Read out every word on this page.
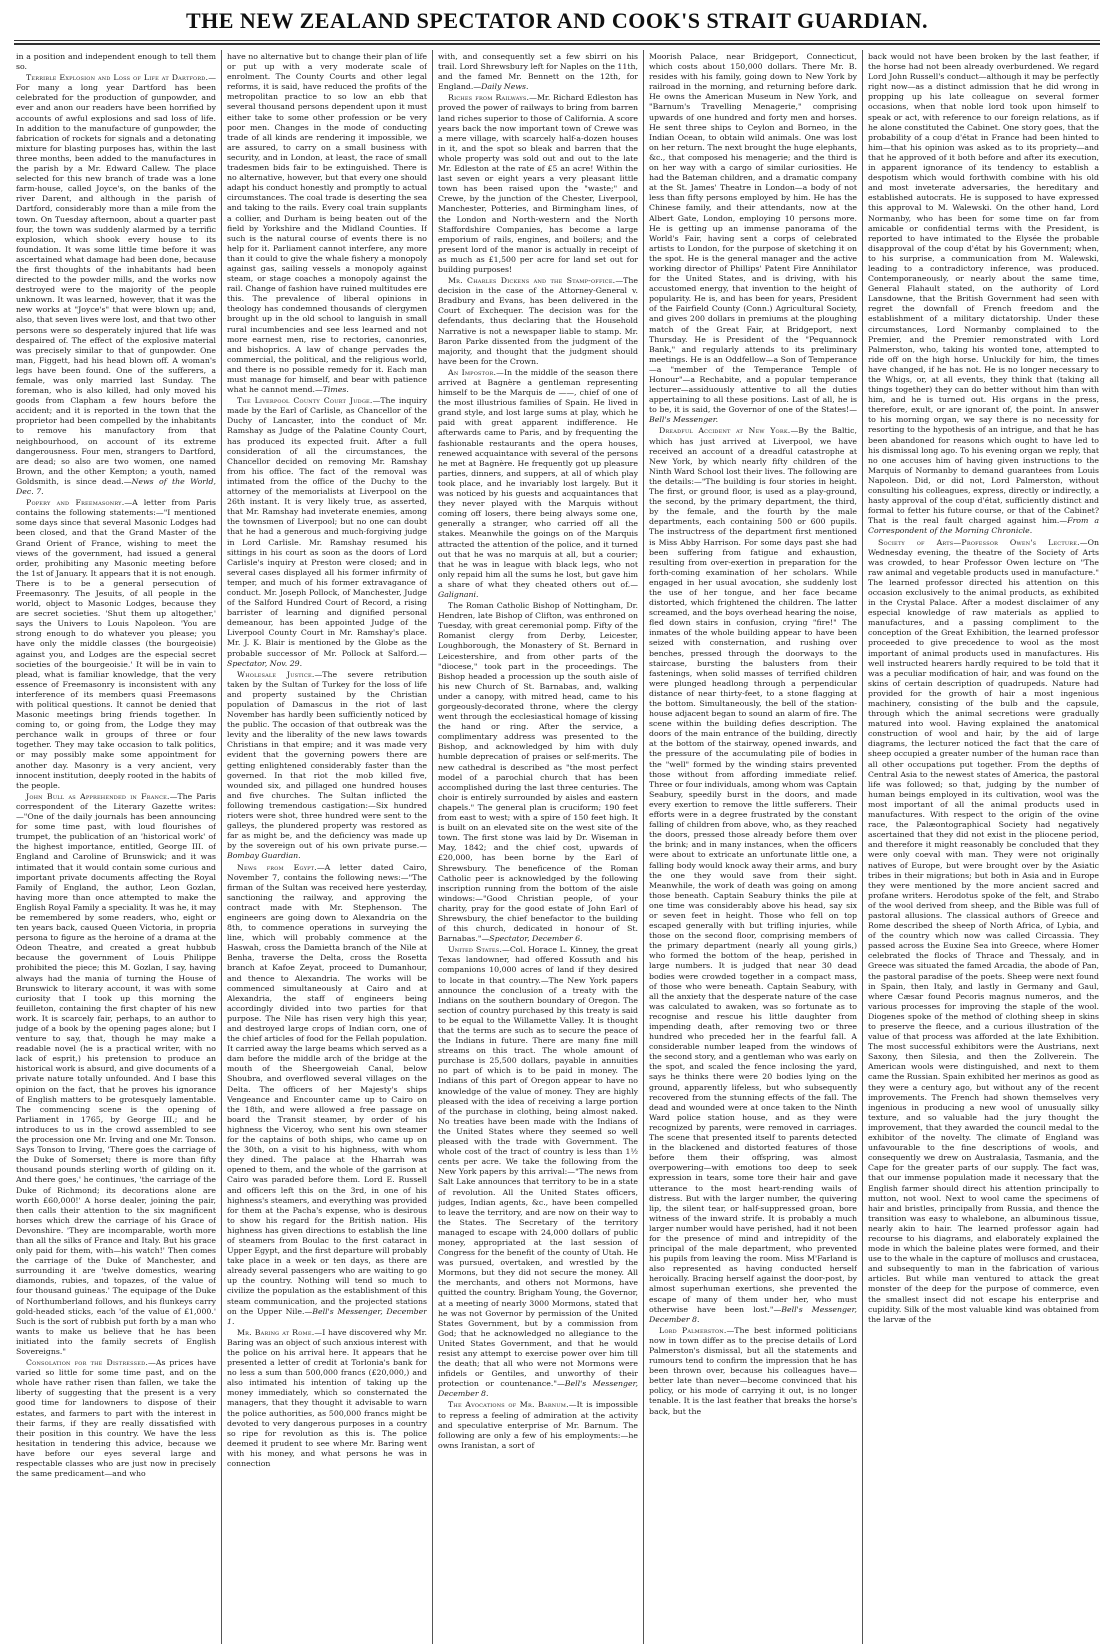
THE NEW ZEALAND SPECTATOR AND COOK'S STRAIT GUARDIAN.

in a position and independent enough to tell them so.

Terrible Explosion and Loss of Life at Dartford.—For many a long year Dartford has been celebrated for the production of gunpowder, and ever and anon our readers have been horrified by accounts of awful explosions and sad loss of life. In addition to the manufacture of gunpowder, the fabrication of rockets for signals and a detonating mixture for blasting purposes has, within the last three months, been added to the manufactures in the parish by a Mr. Edward Callew. The place selected for this new branch of trade was a lone farm-house, called Joyce's, on the banks of the river Darent, and although in the parish of Dartford, considerably more than a mile from the town. On Tuesday afternoon, about a quarter past four, the town was suddenly alarmed by a terrific explosion, which shook every house to its foundation. It was some little time before it was ascertained what damage had been done, because the first thoughts of the inhabitants had been directed to the powder mills, and the works now destroyed were to the majority of the people unknown. It was learned, however, that it was the new works at "Joyce's" that were blown up; and, also, that seven lives were lost, and that two other persons were so desperately injured that life was despaired of. The effect of the explosive material was precisely similar to that of gunpowder. One man, Figgett, had his head blown off. A woman's legs have been found. One of the sufferers, a female, was only married last Sunday. The foreman, who is also killed, had only moved his goods from Clapham a few hours before the accident; and it is reported in the town that the proprietor had been compelled by the inhabitants to remove his manufactory from that neighbourhood, on account of its extreme dangerousness. Four men, strangers to Dartford, are dead; so also are two women, one named Brown, and the other Kempton; a youth, named Goldsmith, is since dead.—News of the World, Dec. 7.

Popery and Freemasonry.—A letter from Paris contains the following statements:—"I mentioned some days since that several Masonic Lodges had been closed, and that the Grand Master of the Grand Orient of France, wishing to meet the views of the government, had issued a general order, prohibiting any Masonic meeting before the 1st of January. It appears that it is not enough. There is to be a general persecution of Freemasonry. The Jesuits, of all people in the world, object to Masonic Lodges, because they are secret societies. 'Shut them up altogether,' says the Univers to Louis Napoleon. 'You are strong enough to do whatever you please; you have only the middle classes (the bourgeoisie) against you, and Lodges are the especial secret societies of the bourgeoisie.' It will be in vain to plead, what is familiar knowledge, that the very essence of Freemasonry is inconsistent with any interference of its members quasi Freemasons with political questions. It cannot be denied that Masonic meetings bring friends together. In coming to, or going from, the Lodge they may perchance walk in groups of three or four together. They may take occasion to talk politics, or may possibly make some appointment for another day. Masonry is a very ancient, very innocent institution, deeply rooted in the habits of the people.

John Bull as Apprehended in France.—The Paris correspondent of the Literary Gazette writes:—"One of the daily journals has been announcing for some time past, with loud flourishes of trumpet, the publication of an 'historical work' of the highest importance, entitled, George III. of England and Caroline of Brunswick; and it was intimated that it would contain some curious and important private documents affecting the Royal Family of England, the author, Leon Gozlan, having more than once attempted to make the English Royal Family a speciality. It was he, it may be remembered by some readers, who, eight or ten years back, caused Queen Victoria, in propria persona to figure as the heroine of a drama at the Odeon Theatre, and created a great hubbub because the government of Louis Philippe prohibited the piece; this M. Gozlan, I say, having always had the mania of turning the House of Brunswick to literary account, it was with some curiosity that I took up this morning the feuilleton, containing the first chapter of his new work. It is scarcely fair, perhaps, to an author to judge of a book by the opening pages alone; but I venture to say, that, though he may make a readable novel (he is a practical writer, with no lack of esprit,) his pretension to produce an historical work is absurd, and give documents of a private nature totally unfounded. And I base this opinion on the fact, that he proves his ignorance of English matters to be grotesquely lamentable. The commencing scene is the opening of Parliament in 1765, by George III.; and he introduces to us in the crowd assembled to see the procession one Mr. Irving and one Mr. Tonson. Says Tonson to Irving, 'There goes the carriage of the Duke of Somerset; there is more than fifty thousand pounds sterling worth of gilding on it. And there goes,' he continues, 'the carriage of the Duke of Richmond; its decorations alone are worth £60,000!' A horse dealer, joining the pair, then calls their attention to the six magnificent horses which drew the carriage of his Grace of Devonshire. 'They are incomparable, worth more than all the silks of France and Italy. But his grace only paid for them, with—his watch!' Then comes the carriage of the Duke of Manchester, and surrounding it are 'twelve domestics, wearing diamonds, rubies, and topazes, of the value of four thousand guineas.' The equipage of the Duke of Northumberland follows, and his flunkeys carry gold-headed sticks, each 'of the value of £1,000.' Such is the sort of rubbish put forth by a man who wants to make us believe that he has been initiated into the family secrets of English Sovereigns."

Consolation for the Distressed.—As prices have varied so little for some time past, and on the whole have rather risen than fallen, we take the liberty of suggesting that the present is a very good time for landowners to dispose of their estates, and farmers to part with the interest in their farms, if they are really dissatisfied with their position in this country. We have the less hesitation in tendering this advice, because we have before our eyes several large and respectable classes who are just now in precisely the same predicament—and who

have no alternative but to change their plan of life or put up with a very moderate scale of enrolment. The County Courts and other legal reforms, it is said, have reduced the profits of the metropolitan practice to so low an ebb that several thousand persons dependent upon it must either take to some other profession or be very poor men. Changes in the mode of conducting trade of all kinds are rendering it impossible, we are assured, to carry on a small business with security, and in London, at least, the race of small tradesmen bids fair to be extinguished. There is no alternative, however, but that every one should adapt his conduct honestly and promptly to actual circumstances. The coal trade is deserting the sea and taking to the rails. Every coal train supplants a collier, and Durham is being beaten out of the field by Yorkshire and the Midland Counties. If such is the natural course of events there is no help for it. Parliament cannot interfere, any more than it could to give the whale fishery a monopoly against gas, sailing vessels a monopoly against steam, or stage coaches a monopoly against the rail. Change of fashion have ruined multitudes ere this. The prevalence of liberal opinions in theology has condemned thousands of clergymen brought up in the old school to languish in small rural incumbencies and see less learned and not more earnest men, rise to rectories, canonries, and bishoprics. A law of change pervades the commercial, the political, and the religious world, and there is no possible remedy for it. Each man must manage for himself, and bear with patience what he cannot mend.—Times.

The Liverpool County Court Judge.—The inquiry made by the Earl of Carlisle, as Chancellor of the Duchy of Lancaster, into the conduct of Mr. Ramshay as Judge of the Palatine County Court, has produced its expected fruit. After a full consideration of all the circumstances, the Chancellor decided on removing Mr. Ramshay from his office. The fact of the removal was intimated from the office of the Duchy to the attorney of the memorialists at Liverpool on the 26th instant. It is very likely true, as asserted, that Mr. Ramshay had inveterate enemies, among the townsmen of Liverpool; but no one can doubt that he had a generous and much-forgiving judge in Lord Carlisle. Mr. Ramshay resumed his sittings in his court as soon as the doors of Lord Carlisle's inquiry at Preston were closed; and in several cases displayed all his former infirmity of temper, and much of his former extravagance of conduct. Mr. Joseph Pollock, of Manchester, Judge of the Salford Hundred Court of Record, a rising barrister of learning and dignified personal demeanour, has been appointed Judge of the Liverpool County Court in Mr. Ramshay's place. Mr. J. K. Blair is mentioned by the Globe as the probable successor of Mr. Pollock at Salford.—Spectator, Nov. 29.

Wholesale Justice.—The severe retribution taken by the Sultan of Turkey for the loss of life and property sustained by the Christian population of Damascus in the riot of last November has hardly been sufficiently noticed by the public. The occasion of that outbreak was the levity and the liberality of the new laws towards Christians in that empire; and it was made very evident that the governing powers there are getting enlightened considerably faster than the governed. In that riot the mob killed five, wounded six, and pillaged one hundred houses and five churches. The Sultan inflicted the following tremendous castigation:—Six hundred rioters were shot, three hundred were sent to the galleys, the plundered property was restored as far as might be, and the deficiency was made up by the sovereign out of his own private purse.—Bombay Guardian.

News from Egypt.—A letter dated Cairo, November 7, contains the following news:—"The firman of the Sultan was received here yesterday, sanctioning the railway, and approving the contract made with Mr. Stephenson. The engineers are going down to Alexandria on the 8th, to commence operations in surveying the line, which will probably commence at the Haswah, cross the Damietta branch of the Nile at Benha, traverse the Delta, cross the Rosetta branch at Kafoe Zeyat, proceed to Dumanhour, and thence to Alexandria. The works will be commenced simultaneously at Cairo and at Alexandria, the staff of engineers being accordingly divided into two parties for that purpose. The Nile has risen very high this year, and destroyed large crops of Indian corn, one of the chief articles of food for the Fellah population. It carried away the large beams which served as a dam before the middle arch of the bridge at the mouth of the Sheergoweiah Canal, below Shoubra, and overflowed several villages on the Delta. The officers of her Majesty's ships Vengeance and Encounter came up to Cairo on the 18th, and were allowed a free passage on board the Transit steamer, by order of his highness the Viceroy, who sent his own steamer for the captains of both ships, who came up on the 30th, on a visit to his highness, with whom they dined. The palace at the Hharrah was opened to them, and the whole of the garrison at Cairo was paraded before them. Lord E. Russell and officers left this on the 3rd, in one of his highness's steamers, and everything was provided for them at the Pacha's expense, who is desirous to show his regard for the British nation. His highness has given directions to establish the line of steamers from Boulac to the first cataract in Upper Egypt, and the first departure will probably take place in a week or ten days, as there are already several passengers who are waiting to go up the country. Nothing will tend so much to civilize the population as the establishment of this steam communication, and the projected stations on the Upper Nile.—Bell's Messenger, December 1.

Mr. Baring at Rome.—I have discovered why Mr. Baring was an object of such anxious interest with the police on his arrival here. It appears that he presented a letter of credit at Torlonia's bank for no less a sum than 500,000 francs (£20,000,) and also intimated his intention of taking up the money immediately, which so consternated the managers, that they thought it advisable to warn the police authorities, as 500,000 francs might be devoted to very dangerous purposes in a country so ripe for revolution as this is. The police deemed it prudent to see where Mr. Baring went with his money, and what persons he was in connection

with, and consequently set a few sbirri on his trail. Lord Shrewsbury left for Naples on the 11th, and the famed Mr. Bennett on the 12th, for England.—Daily News.

Riches from Railways.—Mr. Richard Edleston has proved the power of railways to bring from barren land riches superior to those of California. A score years back the now important town of Crewe was a mere village, with scarcely half-a-dozen houses in it, and the spot so bleak and barren that the whole property was sold out and out to the late Mr. Edleston at the rate of £5 an acre! Within the last seven or eight years a very pleasant little town has been raised upon the "waste;" and Crewe, by the junction of the Chester, Liverpool, Manchester, Potteries, and Birmingham lines, of the London and North-western and the North Staffordshire Companies, has become a large emporium of rails, engines, and boilers; and the present lord of the manor is actually in receipt of as much as £1,500 per acre for land set out for building purposes!

Mr. Charles Dickens and the Stamp-office.—The decision in the case of the Attorney-General v. Bradbury and Evans, has been delivered in the Court of Exchequer. The decision was for the defendants, thus declaring that the Household Narrative is not a newspaper liable to stamp. Mr. Baron Parke dissented from the judgment of the majority, and thought that the judgment should have been for the Crown.

An Impostor.—In the middle of the season there arrived at Bagnère a gentleman representing himself to be the Marquis de ——, chief of one of the most illustrious families of Spain. He lived in grand style, and lost large sums at play, which he paid with great apparent indifference. He afterwards came to Paris, and by frequenting the fashionable restaurants and the opera houses, renewed acquaintance with several of the persons he met at Bagnère. He frequently got up pleasure parties, dinners, and suppers, at all of which play took place, and he invariably lost largely. But it was noticed by his guests and acquaintances that they never played with the Marquis without coming off losers, there being always some one, generally a stranger, who carried off all the stakes. Meanwhile the goings on of the Marquis attracted the attention of the police, and it turned out that he was no marquis at all, but a courier; that he was in league with black legs, who not only repaid him all the sums he lost, but gave him a share of what they cheated others out of.—Galignani.

The Roman Catholic Bishop of Nottingham, Dr. Hendren, late Bishop of Clifton, was enthroned on Tuesday, with great ceremonial pomp. Fifty of the Romanist clergy from Derby, Leicester, Loughborough, the Monastery of St. Bernard in Leicestershire, and from other parts of the "diocese," took part in the proceedings. The Bishop headed a procession up the south aisle of his new Church of St. Barnabas, and, walking under a canopy, with mitred head, came to his gorgeously-decorated throne, where the clergy went through the ecclesiastical homage of kissing the hand or ring. After the service, a complimentary address was presented to the Bishop, and acknowledged by him with duly humble deprecation of praises or self-merits. The new cathedral is described as "the most perfect model of a parochial church that has been accomplished during the last three centuries. The choir is entirely surrounded by aisles and eastern chapels." The general plan is cruciform; 190 feet from east to west; with a spire of 150 feet high. It is built on an elevated site on the west site of the town. The first stone was laid by Dr. Wiseman in May, 1842; and the chief cost, upwards of £20,000, has been borne by the Earl of Shrewsbury. The beneficence of the Roman Catholic peer is acknowledged by the following inscription running from the bottom of the aisle windows:—"Good Christian people, of your charity, pray for the good estate of John Earl of Shrewsbury, the chief benefactor to the building of this church, dedicated in honour of St. Barnabas."—Spectator, December 6.

United States.—Col. Horace L. Kinney, the great Texas landowner, had offered Kossuth and his companions 10,000 acres of land if they desired to locate in that country.—The New York papers announce the conclusion of a treaty with the Indians on the southern boundary of Oregon. The section of country purchased by this treaty is said to be equal to the Willamette Valley. It is thought that the terms are such as to secure the peace of the Indians in future. There are many fine mill streams on this tract. The whole amount of purchase is 25,500 dollars, payable in annuities no part of which is to be paid in money. The Indians of this part of Oregon appear to have no knowledge of the value of money. They are highly pleased with the idea of receiving a large portion of the purchase in clothing, being almost naked. No treaties have been made with the Indians of the United States where they seemed so well pleased with the trade with Government. The whole cost of the tract of country is less than 1½ cents per acre. We take the following from the New York papers by this arrival:—"The news from Salt Lake announces that territory to be in a state of revolution. All the United States officers, judges, Indian agents, &c., have been compelled to leave the territory, and are now on their way to the States. The Secretary of the territory managed to escape with 24,000 dollars of public money, appropriated at the last session of Congress for the benefit of the county of Utah. He was pursued, overtaken, and wrestled by the Mormons, but they did not secure the money. All the merchants, and others not Mormons, have quitted the country. Brigham Young, the Governor, at a meeting of nearly 3000 Mormons, stated that he was not Governor by permission of the United States Government, but by a commission from God; that he acknowledged no allegiance to the United States Government, and that he would resist any attempt to exercise power over him till the death; that all who were not Mormons were infidels or Gentiles, and unworthy of their protection or countenance."—Bell's Messenger, December 8.

The Avocations of Mr. Barnum.—It is impossible to repress a feeling of admiration at the activity and speculative enterprise of Mr. Barnum. The following are only a few of his employments:—he owns Iranistan, a sort of

Moorish Palace, near Bridgeport, Connecticut, which costs about 150,000 dollars. There Mr. B. resides with his family, going down to New York by railroad in the morning, and returning before dark. He owns the American Museum in New York, and "Barnum's Travelling Menagerie," comprising upwards of one hundred and forty men and horses. He sent three ships to Ceylon and Borneo, in the Indian Ocean, to obtain wild animals. One was lost on her return. The next brought the huge elephants, &c., that composed his menagerie; and the third is on her way with a cargo of similar curiosities. He had the Bateman children, and a dramatic company at the St. James' Theatre in London—a body of not less than fifty persons employed by him. He has the Chinese family, and their attendants, now at the Albert Gate, London, employing 10 persons more. He is getting up an immense panorama of the World's Fair, having sent a corps of celebrated artists to London, for the purpose of sketching it on the spot. He is the general manager and the active working director of Phillips' Patent Fire Annihilator for the United States, and is driving, with his accustomed energy, that invention to the height of popularity. He is, and has been for years, President of the Fairfield County (Conn.) Agricultural Society, and gives 200 dollars in premiums at the ploughing match of the Great Fair, at Bridgeport, next Thursday. He is President of the "Pequannock Bank," and regularly attends to its preliminary meetings. He is an Oddfellow—a Son of Temperance—a "member of the Temperance Temple of Honour"—a Rechabite, and a popular temperance lecturer—assiduously attentive to all the duties appertaining to all these positions. Last of all, he is to be, it is said, the Governor of one of the States!—Bell's Messenger.

Dreadful Accident at New York.—By the Baltic, which has just arrived at Liverpool, we have received an account of a dreadful catastrophe at New York, by which nearly fifty children of the Ninth Ward School lost their lives. The following are the details:—"The building is four stories in height. The first, or ground floor, is used as a play-ground, the second, by the primary department, the third, by the female, and the fourth by the male departments, each containing 500 or 600 pupils. The instructress of the department first mentioned is Miss Abby Harrison. For some days past she had been suffering from fatigue and exhaustion, resulting from over-exertion in preparation for the forth-coming examination of her scholars. While engaged in her usual avocation, she suddenly lost the use of her tongue, and her face became distorted, which frightened the children. The latter screamed, and the boys overhead hearing the noise, fled down stairs in confusion, crying "fire!" The inmates of the whole building appear to have been seized with consternation, and rushing over benches, pressed through the doorways to the staircase, bursting the balusters from their fastenings, when solid masses of terrified children were plunged headlong through a perpendicular distance of near thirty-feet, to a stone flagging at the bottom. Simultaneously, the bell of the station-house adjacent began to sound an alarm of fire. The scene within the building defies description. The doors of the main entrance of the building, directly at the bottom of the stairway, opened inwards, and the pressure of the accumulating pile of bodies in the "well" formed by the winding stairs prevented those without from affording immediate relief. Three or four individuals, among whom was Captain Seabury, speedily burst in the doors, and made every exertion to remove the little sufferers. Their efforts were in a degree frustrated by the constant falling of children from above, who, as they reached the doors, pressed those already before them over the brink; and in many instances, when the officers were about to extricate an unfortunate little one, a falling body would knock away their arms, and bury the one they would save from their sight. Meanwhile, the work of death was going on among those beneath. Captain Seabury thinks the pile at one time was considerably above his head, say six or seven feet in height. Those who fell on top escaped generally with but trifling injuries, while those on the second floor, comprising members of the primary department (nearly all young girls,) who formed the bottom of the heap, perished in large numbers. It is judged that near 30 dead bodies were crowded together in a compact mass, of those who were beneath. Captain Seabury, with all the anxiety that the desperate nature of the case was calculated to awaken, was so fortunate as to recognise and rescue his little daughter from impending death, after removing two or three hundred who preceded her in the fearful fall. A considerable number leaped from the windows of the second story, and a gentleman who was early on the spot, and scaled the fence inclosing the yard, says he thinks there were 20 bodies lying on the ground, apparently lifeless, but who subsequently recovered from the stunning effects of the fall. The dead and wounded were at once taken to the Ninth Ward police station house, and as they were recognized by parents, were removed in carriages. The scene that presented itself to parents detected in the blackened and distorted features of those before them their offspring, was almost overpowering—with emotions too deep to seek expression in tears, some tore their hair and gave utterance to the most heart-rending wails of distress. But with the larger number, the quivering lip, the silent tear, or half-suppressed groan, bore witness of the inward strife. It is probably a much larger number would have perished, had it not been for the presence of mind and intrepidity of the principal of the male department, who prevented his pupils from leaving the room. Miss M'Farland is also represented as having conducted herself heroically. Bracing herself against the door-post, by almost superhuman exertions, she prevented the escape of many of them under her, who must otherwise have been lost."—Bell's Messenger, December 8.

Lord Palmerston.—The best informed politicians now in town differ as to the precise details of Lord Palmerston's dismissal, but all the statements and rumours tend to confirm the impression that he has been thrown over, because his colleagues have—better late than never—become convinced that his policy, or his mode of carrying it out, is no longer tenable. It is the last feather that breaks the horse's back, but the

back would not have been broken by the last feather, if the horse had not been already overburdened. We regard Lord John Russell's conduct—although it may be perfectly right now—as a distinct admission that he did wrong in propping up his late colleague on several former occasions, when that noble lord took upon himself to speak or act, with reference to our foreign relations, as if he alone constituted the Cabinet. One story goes, that the probability of a coup d'état in France had been hinted to him—that his opinion was asked as to its propriety—and that he approved of it both before and after its execution, in apparent ignorance of its tendency to establish a despotism which would forthwith combine with his old and most inveterate adversaries, the hereditary and established autocrats. He is supposed to have expressed this approval to M. Walewski. On the other hand, Lord Normanby, who has been for some time on far from amicable or confidential terms with the President, is reported to have intimated to the Elysée the probable disapproval of the coup d'état by his Government; when, to his surprise, a communication from M. Walewski, leading to a contradictory inference, was produced. Contemporaneously, or nearly about the same time, General Flahault stated, on the authority of Lord Lansdowne, that the British Government had seen with regret the downfall of French freedom and the establishment of a military dictatorship. Under these circumstances, Lord Normanby complained to the Premier, and the Premier remonstrated with Lord Palmerston, who, taking his wonted tone, attempted to ride off on the high horse. Unluckily for him, the times have changed, if he has not. He is no longer necessary to the Whigs, or, at all events, they think that (taking all things together) they can do better without him than with him, and he is turned out. His organs in the press, therefore, exult, or are ignorant of, the point. In answer to his morning organ, we say there is no necessity for resorting to the hypothesis of an intrigue, and that he has been abandoned for reasons which ought to have led to his dismissal long ago. To his evening organ we reply, that no one accuses him of having given instructions to the Marquis of Normanby to demand guarantees from Louis Napoleon. Did, or did not, Lord Palmerston, without consulting his colleagues, express, directly or indirectly, a hasty approval of the coup d'état, sufficiently distinct and formal to fetter his future course, or that of the Cabinet? That is the real fault charged against him.—From a Correspondent of the Morning Chronicle.

Society of Arts—Professor Owen's Lecture.—On Wednesday evening, the theatre of the Society of Arts was crowded, to hear Professor Owen lecture on "The raw animal and vegetable products used in manufacture." The learned professor directed his attention on this occasion exclusively to the animal products, as exhibited in the Crystal Palace. After a modest disclaimer of any especial knowledge of raw materials as applied to manufactures, and a passing compliment to the conception of the Great Exhibition, the learned professor proceeded to give precedence to wool as the most important of animal products used in manufactures. His well instructed hearers hardly required to be told that it was a peculiar modification of hair, and was found on the skins of certain description of quadrupeds. Nature had provided for the growth of hair a most ingenious machinery, consisting of the bulb and the capsule, through which the animal secretions were gradually matured into wool. Having explained the anatomical construction of wool and hair, by the aid of large diagrams, the lecturer noticed the fact that the care of sheep occupied a greater number of the human race than all other occupations put together. From the depths of Central Asia to the newest states of America, the pastoral life was followed; so that, judging by the number of human beings employed in its cultivation, wool was the most important of all the animal products used in manufactures. With respect to the origin of the ovine race, the Palæontographical Society had negatively ascertained that they did not exist in the pliocene period, and therefore it might reasonably be concluded that they were only coeval with man. They were not originally natives of Europe, but were brought over by the Asiatic tribes in their migrations; but both in Asia and in Europe they were mentioned by the more ancient sacred and profane writers. Herodotus spoke of the felt, and Strabo of the wool derived from sheep, and the Bible was full of pastoral allusions. The classical authors of Greece and Rome described the sheep of North Africa, of Lybia, and of the country which now was called Circassia. They passed across the Euxine Sea into Greece, where Homer celebrated the flocks of Thrace and Thessaly, and in Greece was situated the famed Arcadia, the abode of Pan, the pastoral paradise of the poets. Sheep were next found in Spain, then Italy, and lastly in Germany and Gaul, where Cæsar found Pecoris magnus numeros, and the various processes for improving the staple of the wool. Diogenes spoke of the method of clothing sheep in skins to preserve the fleece, and a curious illustration of the value of that process was afforded at the late Exhibition. The most successful exhibitors were the Austrians, next Saxony, then Silesia, and then the Zollverein. The American wools were distinguished, and next to them came the Russian. Spain exhibited her merinos as good as they were a century ago, but without any of the recent improvements. The French had shown themselves very ingenious in producing a new wool of unusually silky texture, and so valuable had the jury thought the improvement, that they awarded the council medal to the exhibitor of the novelty. The climate of England was unfavourable to the fine descriptions of wools, and consequently we drew on Australasia, Tasmania, and the Cape for the greater parts of our supply. The fact was, that our immense population made it necessary that the English farmer should direct his attention principally to mutton, not wool. Next to wool came the specimens of hair and bristles, principally from Russia, and thence the transition was easy to whalebone, an albuminous tissue, nearly akin to hair. The learned professor again had recourse to his diagrams, and elaborately explained the mode in which the baleine plates were formed, and their use to the whale in the capture of molluscs and crustacea, and subsequently to man in the fabrication of various articles. But while man ventured to attack the great monster of the deep for the purpose of commerce, even the smallest insect did not escape his enterprise and cupidity. Silk of the most valuable kind was obtained from the larvæ of the
